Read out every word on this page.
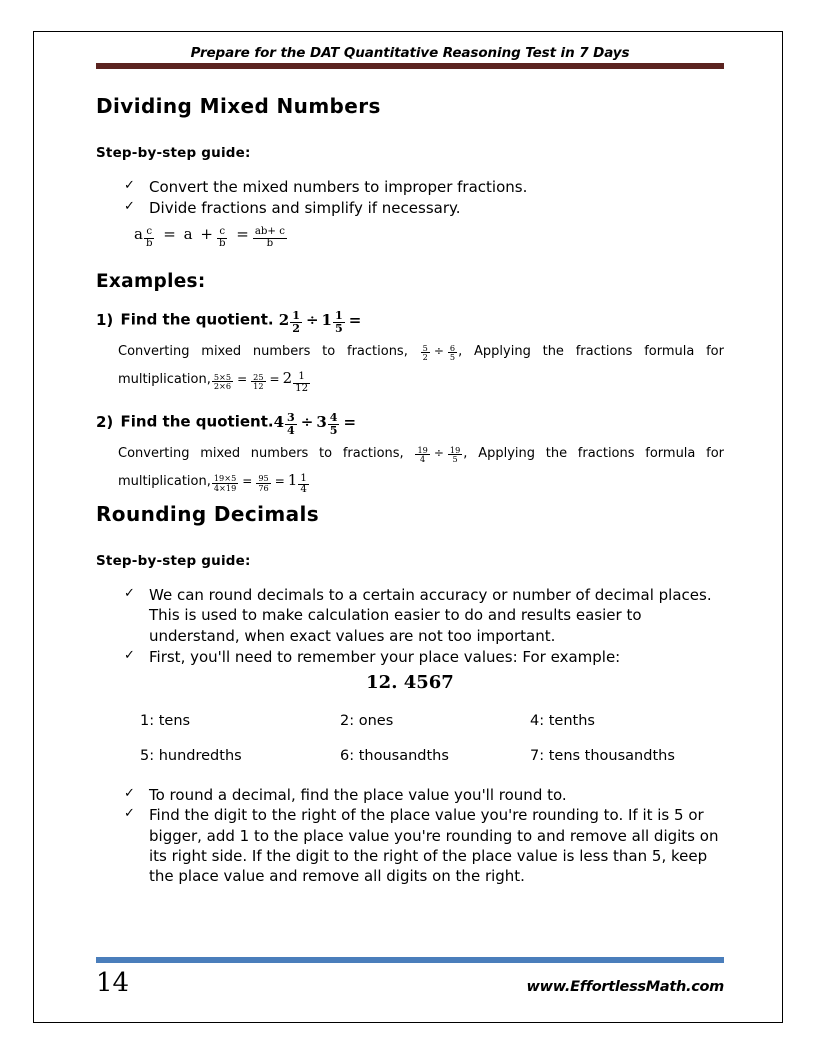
Prepare for the DAT Quantitative Reasoning Test in 7 Days
Dividing Mixed Numbers
Step-by-step guide:
✓ Convert the mixed numbers to improper fractions.
✓ Divide fractions and simplify if necessary.
a $\frac{c}{b} = a + \frac{c}{b} = \frac{ab+ c}{b}$
Examples:
1) Find the quotient. $2 \frac{1}{2} \div 1 \frac{1}{5}$ =
Converting mixed numbers to fractions, $\frac{5}{2} \div \frac{6}{5}$ , Applying the fractions formula for multiplication, $\frac{5\times 5}{2\times 6} = \frac{25}{12} = 2 \frac{1}{12}$
2) Find the quotient.4 $\frac{3}{4} \div 3 \frac{4}{5}$ =
Converting mixed numbers to fractions, $\frac{19}{4} \div \frac{19}{5}$ , Applying the fractions formula for multiplication, $\frac{19\times 5}{4\times 19} = \frac{95}{76} = 1 \frac{1}{4}$
Rounding Decimals
Step-by-step guide:
✓ We can round decimals to a certain accuracy or number of decimal places. This is used to make calculation easier to do and results easier to understand, when exact values are not too important.
✓ First, you'll need to remember your place values: For example:
12. 4567
1: tens	2: ones	4: tenths
5: hundredths	6: thousandths	7: tens thousandths
✓ To round a decimal, find the place value you'll round to.
✓ Find the digit to the right of the place value you're rounding to. If it is 5 or bigger, add 1 to the place value you're rounding to and remove all digits on its right side. If the digit to the right of the place value is less than 5, keep the place value and remove all digits on the right.
14	www.EffortlessMath.com
